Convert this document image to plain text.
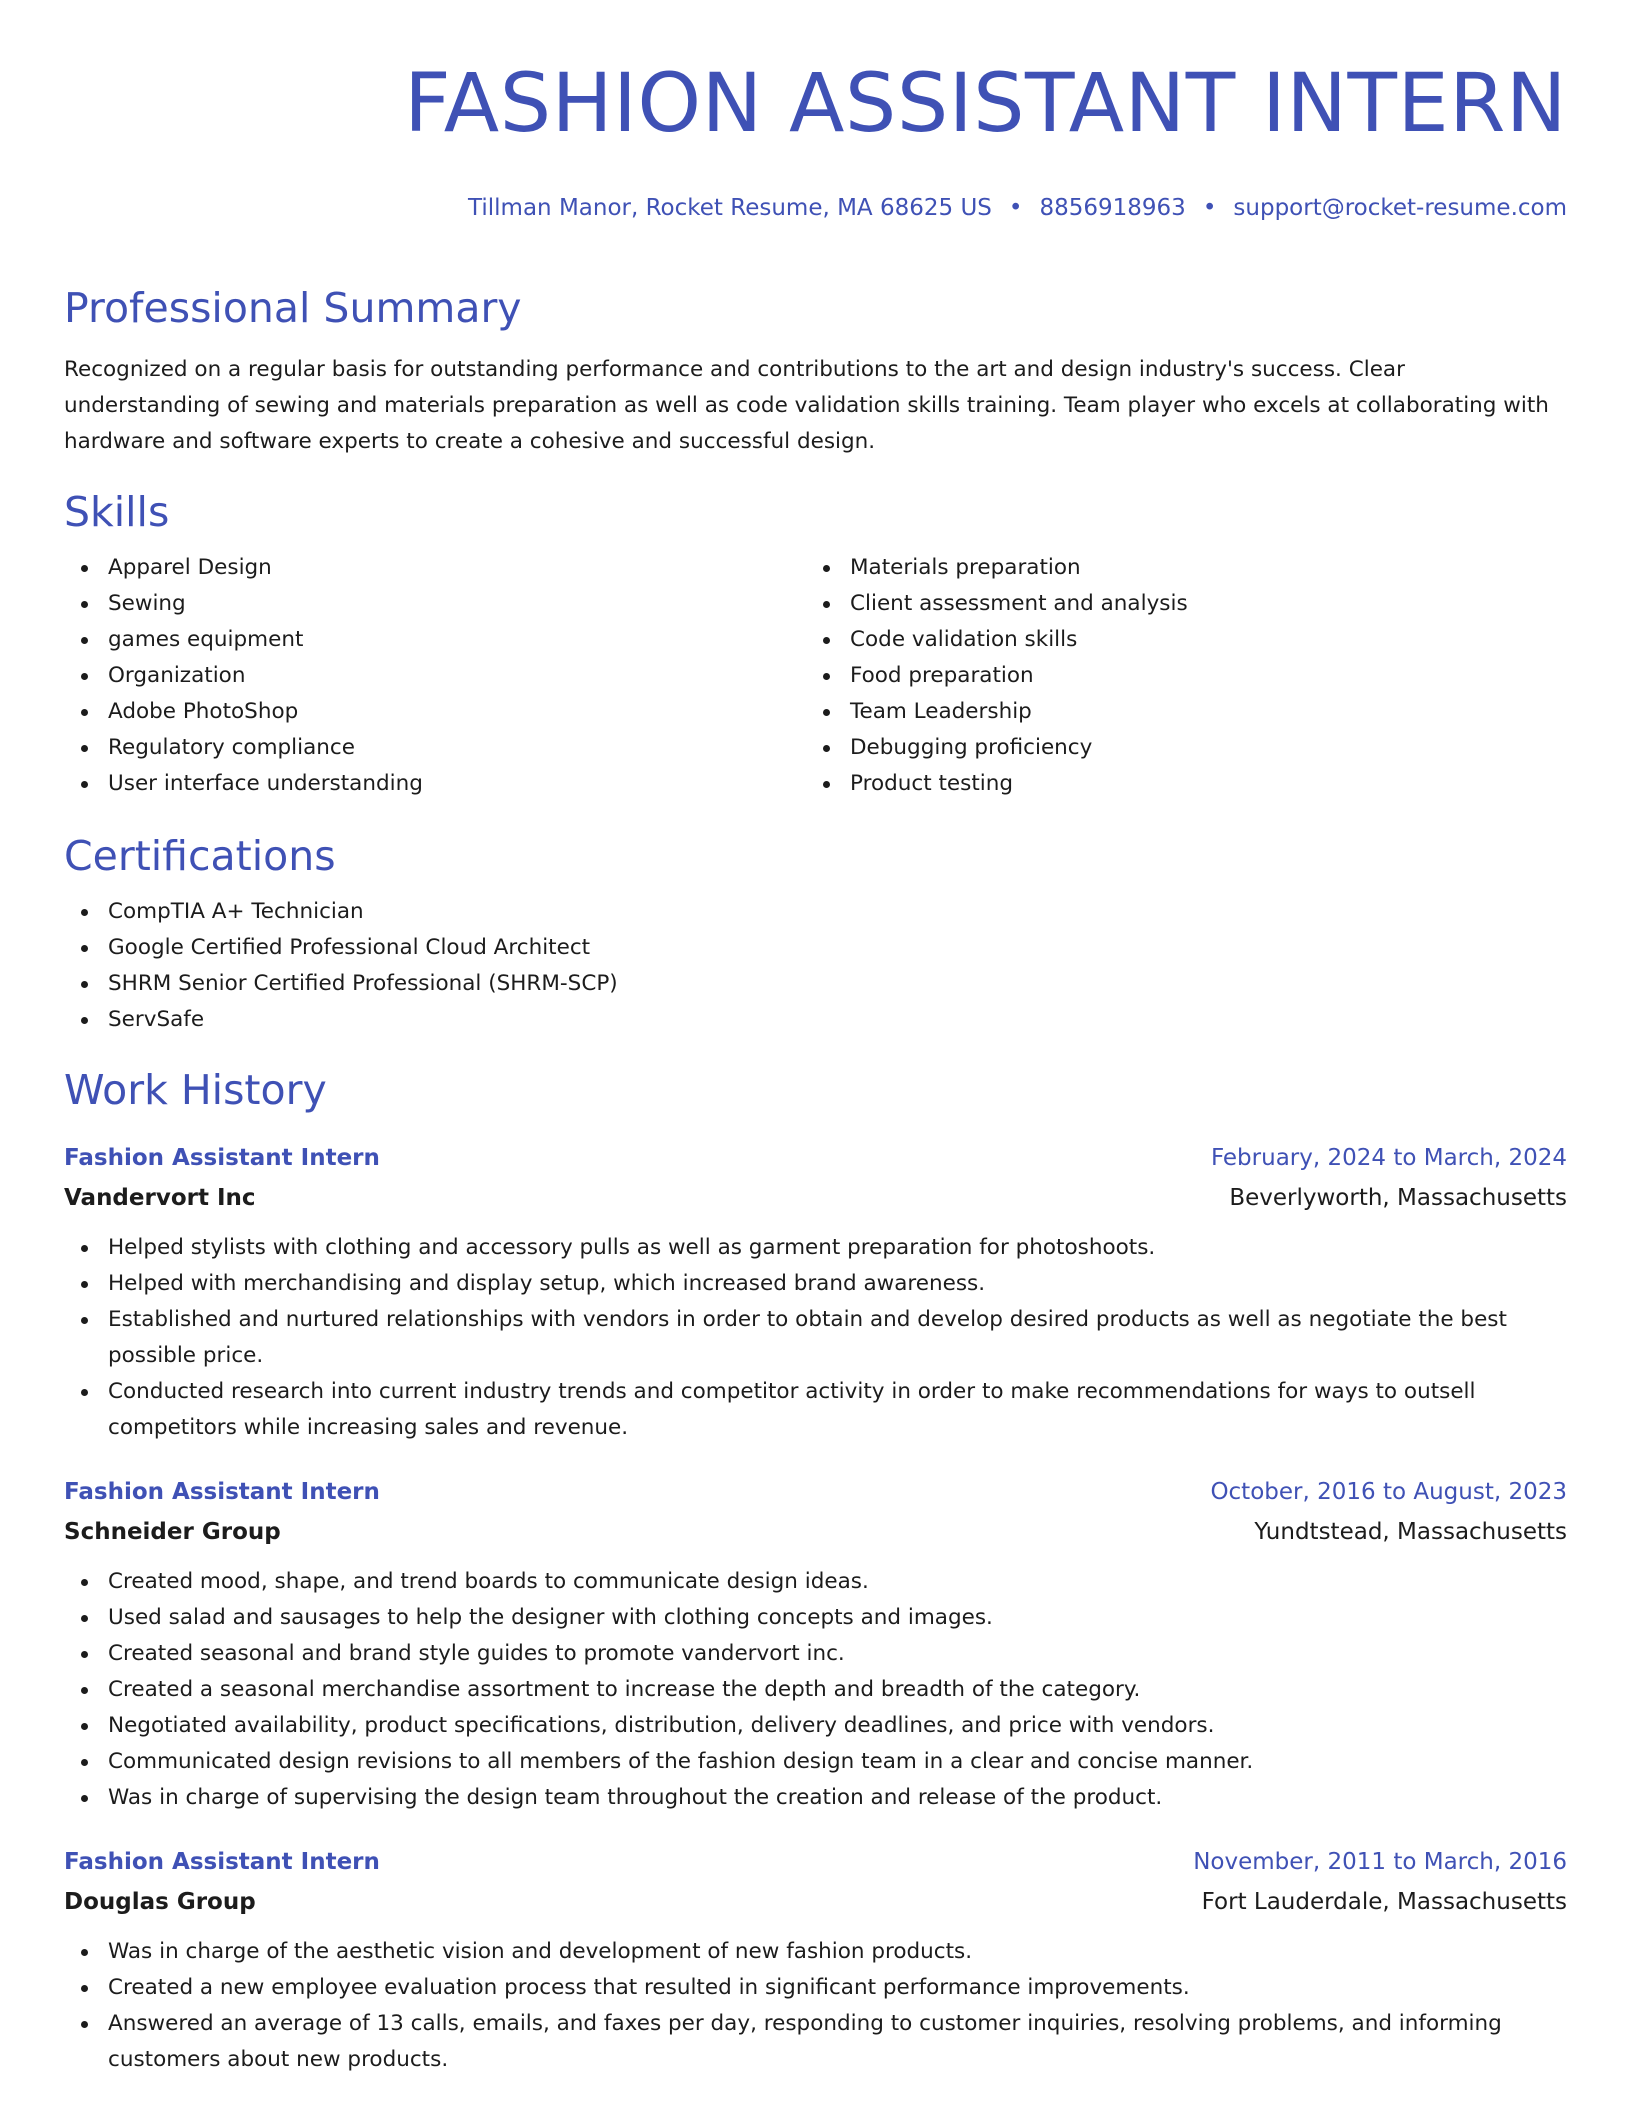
FASHION ASSISTANT INTERN
Tillman Manor, Rocket Resume, MA 68625 US • 8856918963 • support@rocket-resume.com
Professional Summary
Recognized on a regular basis for outstanding performance and contributions to the art and design industry's success. Clear understanding of sewing and materials preparation as well as code validation skills training. Team player who excels at collaborating with hardware and software experts to create a cohesive and successful design.
Skills
Apparel Design
Sewing
games equipment
Organization
Adobe PhotoShop
Regulatory compliance
User interface understanding
Materials preparation
Client assessment and analysis
Code validation skills
Food preparation
Team Leadership
Debugging proficiency
Product testing
Certifications
CompTIA A+ Technician
Google Certified Professional Cloud Architect
SHRM Senior Certified Professional (SHRM-SCP)
ServSafe
Work History
Fashion Assistant Intern	February, 2024 to March, 2024
Vandervort Inc	Beverlyworth, Massachusetts
Helped stylists with clothing and accessory pulls as well as garment preparation for photoshoots.
Helped with merchandising and display setup, which increased brand awareness.
Established and nurtured relationships with vendors in order to obtain and develop desired products as well as negotiate the best possible price.
Conducted research into current industry trends and competitor activity in order to make recommendations for ways to outsell competitors while increasing sales and revenue.
Fashion Assistant Intern	October, 2016 to August, 2023
Schneider Group	Yundtstead, Massachusetts
Created mood, shape, and trend boards to communicate design ideas.
Used salad and sausages to help the designer with clothing concepts and images.
Created seasonal and brand style guides to promote vandervort inc.
Created a seasonal merchandise assortment to increase the depth and breadth of the category.
Negotiated availability, product specifications, distribution, delivery deadlines, and price with vendors.
Communicated design revisions to all members of the fashion design team in a clear and concise manner.
Was in charge of supervising the design team throughout the creation and release of the product.
Fashion Assistant Intern	November, 2011 to March, 2016
Douglas Group	Fort Lauderdale, Massachusetts
Was in charge of the aesthetic vision and development of new fashion products.
Created a new employee evaluation process that resulted in significant performance improvements.
Answered an average of 13 calls, emails, and faxes per day, responding to customer inquiries, resolving problems, and informing customers about new products.
